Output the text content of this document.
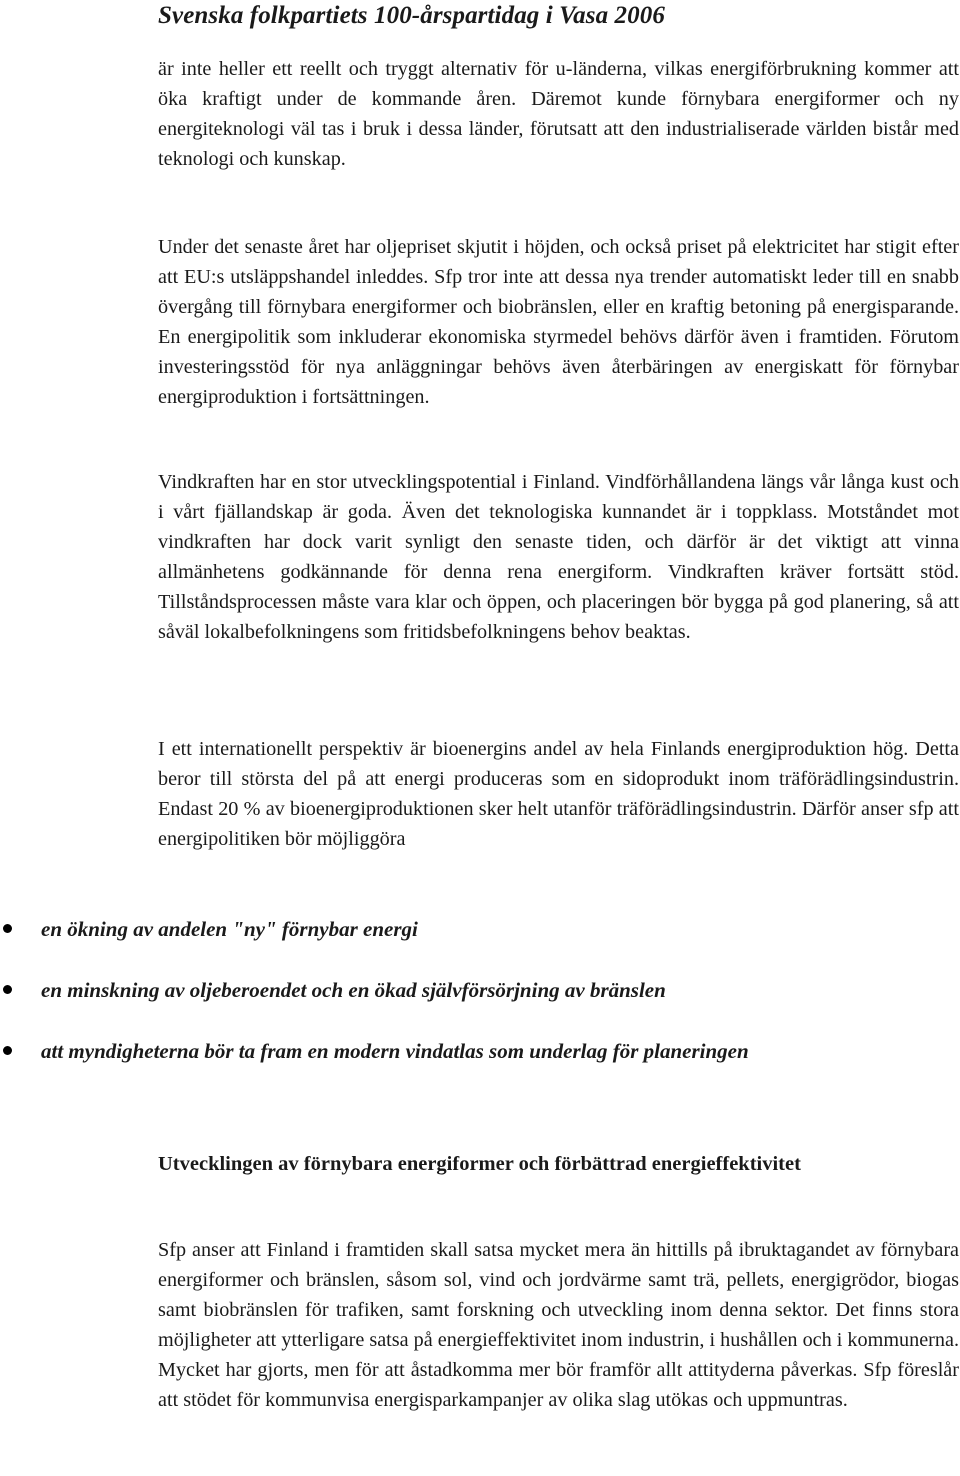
Svenska folkpartiets 100-årspartidag i Vasa 2006

är inte heller ett reellt och tryggt alternativ för u-länderna, vilkas energiförbrukning kommer att öka kraftigt under de kommande åren. Däremot kunde förnybara energiformer och ny energiteknologi väl tas i bruk i dessa länder, förutsatt att den industrialiserade världen bistår med teknologi och kunskap.

Under det senaste året har oljepriset skjutit i höjden, och också priset på elektricitet har stigit efter att EU:s utsläppshandel inleddes. Sfp tror inte att dessa nya trender automatiskt leder till en snabb övergång till förnybara energiformer och biobränslen, eller en kraftig betoning på energisparande. En energipolitik som inkluderar ekonomiska styrmedel behövs därför även i framtiden. Förutom investeringsstöd för nya anläggningar behövs även återbäringen av energiskatt för förnybar energiproduktion i fortsättningen.

Vindkraften har en stor utvecklingspotential i Finland. Vindförhållandena längs vår långa kust och i vårt fjällandskap är goda. Även det teknologiska kunnandet är i toppklass. Motståndet mot vindkraften har dock varit synligt den senaste tiden, och därför är det viktigt att vinna allmänhetens godkännande för denna rena energiform. Vindkraften kräver fortsätt stöd. Tillståndsprocessen måste vara klar och öppen, och placeringen bör bygga på god planering, så att såväl lokalbefolkningens som fritidsbefolkningens behov beaktas.

I ett internationellt perspektiv är bioenergins andel av hela Finlands energiproduktion hög. Detta beror till största del på att energi produceras som en sidoprodukt inom träförädlingsindustrin. Endast 20 % av bioenergiproduktionen sker helt utanför träförädlingsindustrin. Därför anser sfp att energipolitiken bör möjliggöra

en ökning av andelen "ny" förnybar energi
en minskning av oljeberoendet och en ökad självförsörjning av bränslen
att myndigheterna bör ta fram en modern vindatlas som underlag för planeringen
Utvecklingen av förnybara energiformer och förbättrad energieffektivitet

Sfp anser att Finland i framtiden skall satsa mycket mera än hittills på ibruktagandet av förnybara energiformer och bränslen, såsom sol, vind och jordvärme samt trä, pellets, energigrödor, biogas samt biobränslen för trafiken, samt forskning och utveckling inom denna sektor. Det finns stora möjligheter att ytterligare satsa på energieffektivitet inom industrin, i hushållen och i kommunerna. Mycket har gjorts, men för att åstadkomma mer bör framför allt attityderna påverkas. Sfp föreslår att stödet för kommunvisa energisparkampanjer av olika slag utökas och uppmuntras.
